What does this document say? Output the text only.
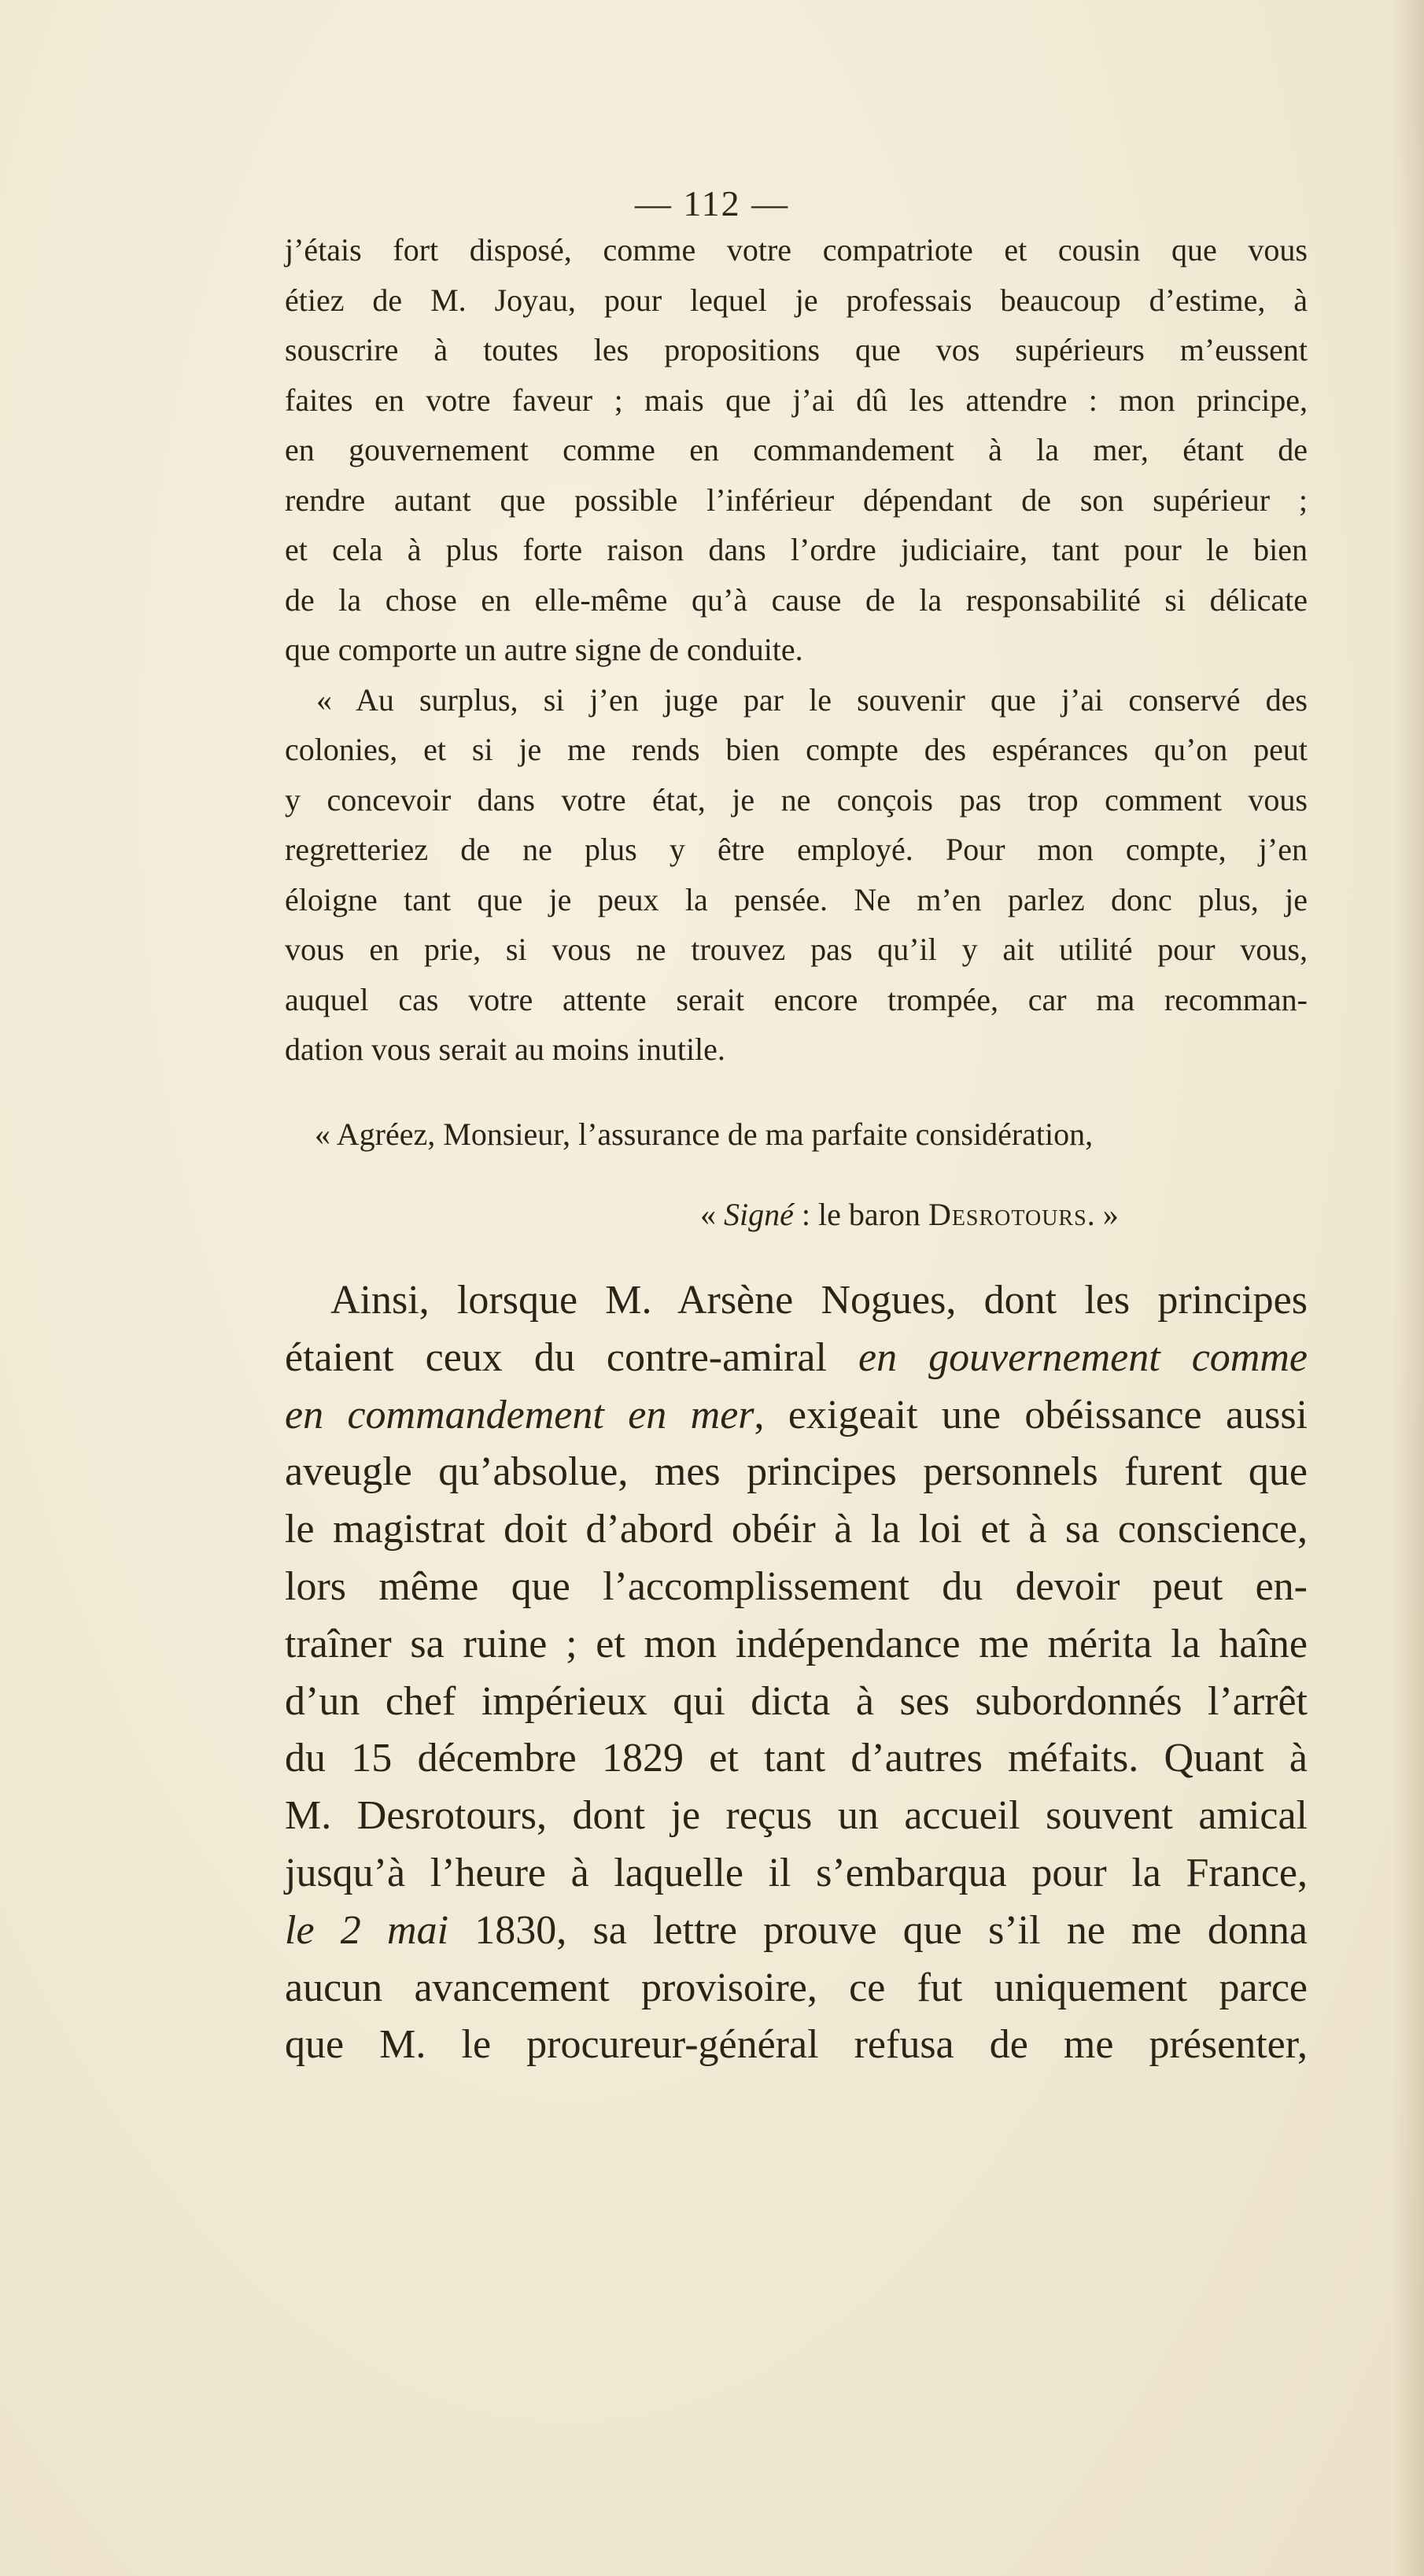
— 112 —

j’étais fort disposé, comme votre compatriote et cousin que vous

étiez de M. Joyau, pour lequel je professais beaucoup d’estime, à

souscrire à toutes les propositions que vos supérieurs m’eussent

faites en votre faveur ; mais que j’ai dû les attendre : mon principe,

en gouvernement comme en commandement à la mer, étant de

rendre autant que possible l’inférieur dépendant de son supérieur ;

et cela à plus forte raison dans l’ordre judiciaire, tant pour le bien

de la chose en elle-même qu’à cause de la responsabilité si délicate

que comporte un autre signe de conduite.

« Au surplus, si j’en juge par le souvenir que j’ai conservé des

colonies, et si je me rends bien compte des espérances qu’on peut

y concevoir dans votre état, je ne conçois pas trop comment vous

regretteriez de ne plus y être employé. Pour mon compte, j’en

éloigne tant que je peux la pensée. Ne m’en parlez donc plus, je

vous en prie, si vous ne trouvez pas qu’il y ait utilité pour vous,

auquel cas votre attente serait encore trompée, car ma recomman-

dation vous serait au moins inutile.

« Agréez, Monsieur, l’assurance de ma parfaite considération,
« Signé : le baron Desrotours. »

Ainsi, lorsque M. Arsène Nogues, dont les principes

étaient ceux du contre-amiral en gouvernement comme

en commandement en mer, exigeait une obéissance aussi

aveugle qu’absolue, mes principes personnels furent que

le magistrat doit d’abord obéir à la loi et à sa conscience,

lors même que l’accomplissement du devoir peut en-

traîner sa ruine ; et mon indépendance me mérita la haîne

d’un chef impérieux qui dicta à ses subordonnés l’arrêt

du 15 décembre 1829 et tant d’autres méfaits. Quant à

M. Desrotours, dont je reçus un accueil souvent amical

jusqu’à l’heure à laquelle il s’embarqua pour la France,

le 2 mai 1830, sa lettre prouve que s’il ne me donna

aucun avancement provisoire, ce fut uniquement parce

que M. le procureur-général refusa de me présenter,
